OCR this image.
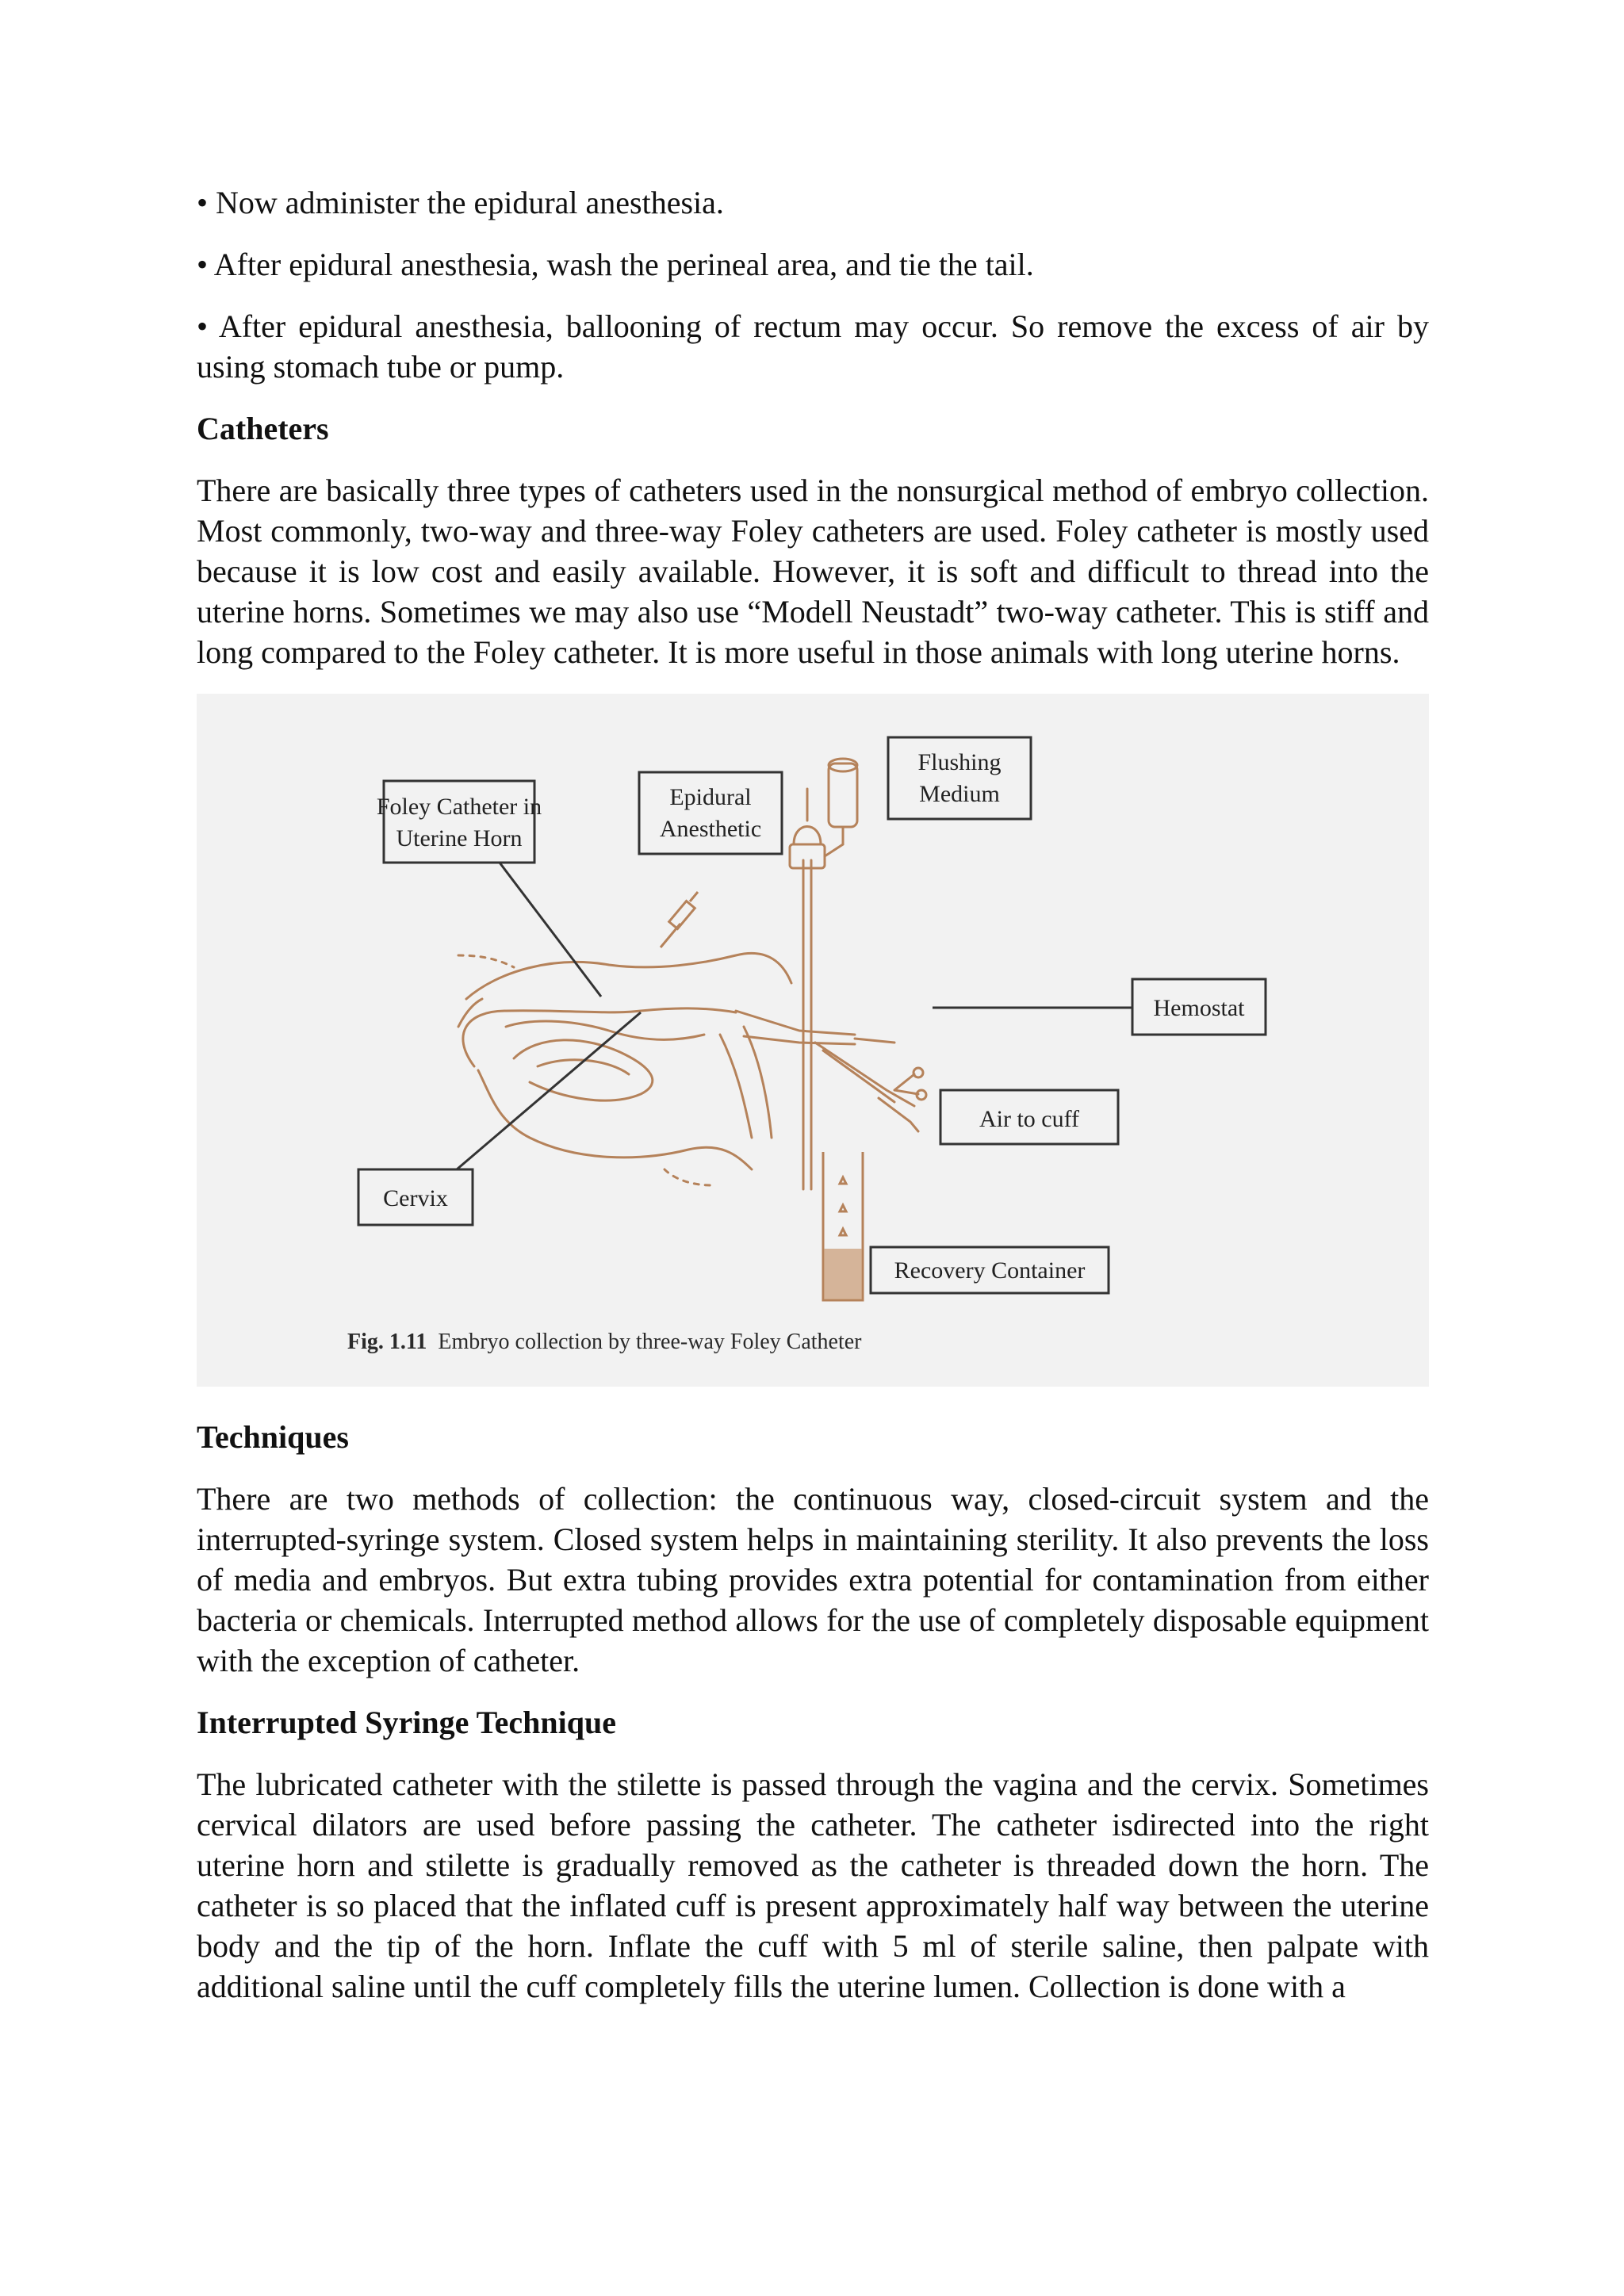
• Now administer the epidural anesthesia.

• After epidural anesthesia, wash the perineal area, and tie the tail.

• After epidural anesthesia, ballooning of rectum may occur. So remove the excess of air by using stomach tube or pump.

Catheters

There are basically three types of catheters used in the nonsurgical method of embryo collection. Most commonly, two-way and three-way Foley catheters are used. Foley catheter is mostly used because it is low cost and easily available. However, it is soft and difficult to thread into the uterine horns. Sometimes we may also use “Modell Neustadt” two-way catheter. This is stiff and long compared to the Foley catheter. It is more useful in those animals with long uterine horns.

Foley Catheter in
Uterine Horn
Epidural
Anesthetic
Flushing
Medium
Hemostat
Air to cuff
Cervix
Recovery Container
Fig. 1.11 Embryo collection by three-way Foley Catheter
Techniques

There are two methods of collection: the continuous way, closed-circuit system and the interrupted-syringe system. Closed system helps in maintaining sterility. It also prevents the loss of media and embryos. But extra tubing provides extra potential for contamination from either bacteria or chemicals. Interrupted method allows for the use of completely disposable equipment with the exception of catheter.

Interrupted Syringe Technique

The lubricated catheter with the stilette is passed through the vagina and the cervix. Sometimes cervical dilators are used before passing the catheter. The catheter isdirected into the right uterine horn and stilette is gradually removed as the catheter is threaded down the horn. The catheter is so placed that the inflated cuff is present approximately half way between the uterine body and the tip of the horn. Inflate the cuff with 5 ml of sterile saline, then palpate with additional saline until the cuff completely fills the uterine lumen. Collection is done with a
